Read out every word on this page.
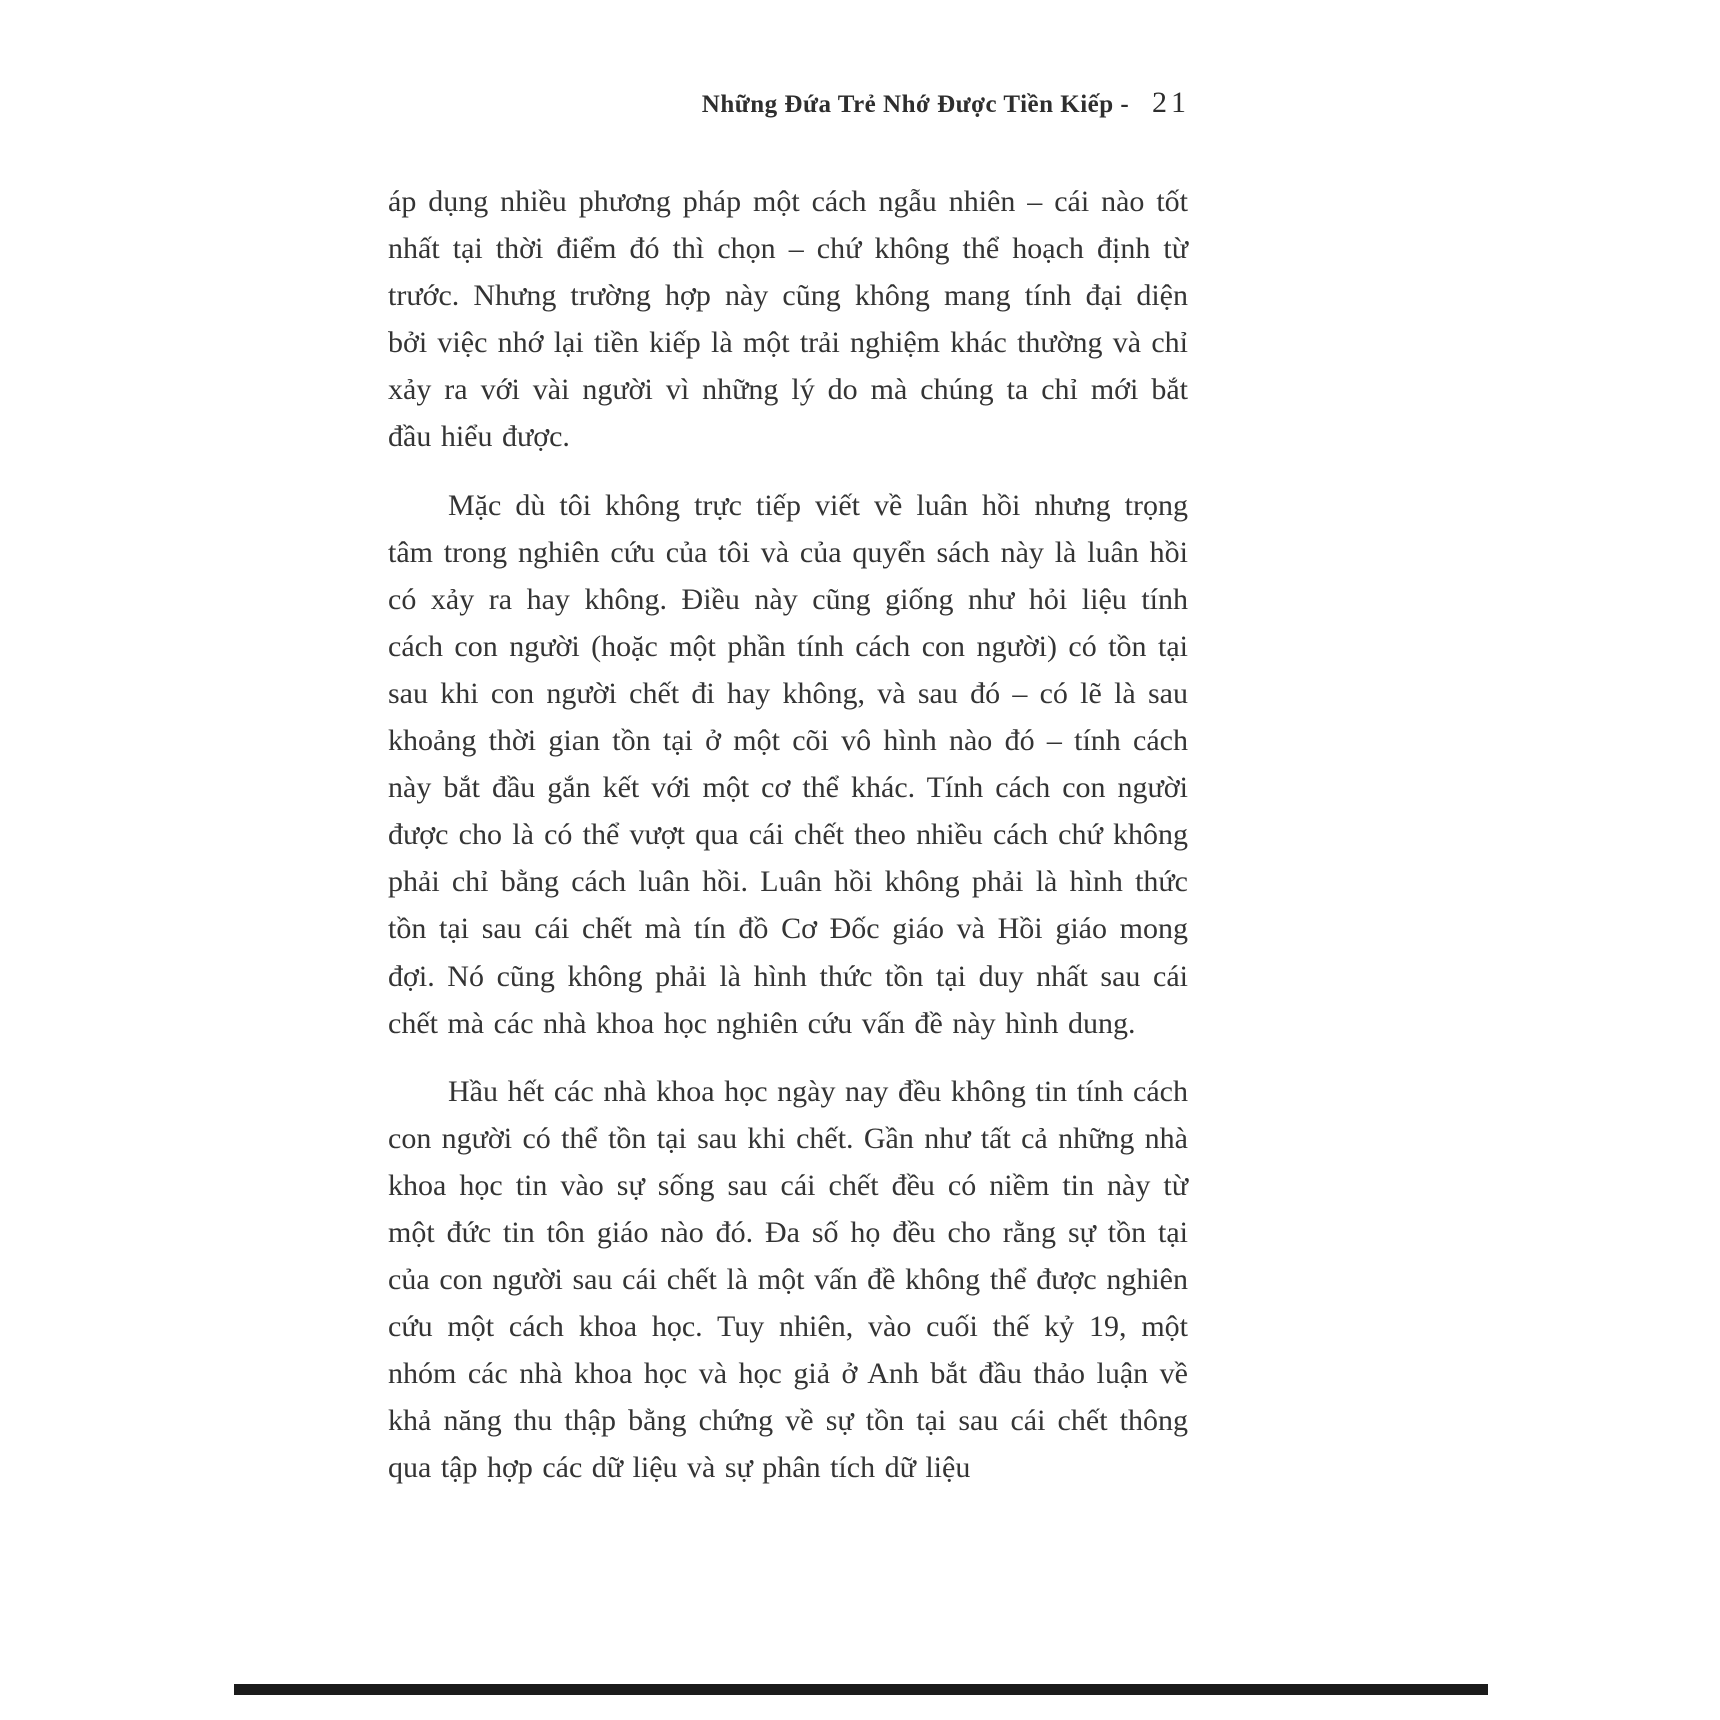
Những Đứa Trẻ Nhớ Được Tiền Kiếp - 21

áp dụng nhiều phương pháp một cách ngẫu nhiên – cái nào tốt nhất tại thời điểm đó thì chọn – chứ không thể hoạch định từ trước. Nhưng trường hợp này cũng không mang tính đại diện bởi việc nhớ lại tiền kiếp là một trải nghiệm khác thường và chỉ xảy ra với vài người vì những lý do mà chúng ta chỉ mới bắt đầu hiểu được.

Mặc dù tôi không trực tiếp viết về luân hồi nhưng trọng tâm trong nghiên cứu của tôi và của quyển sách này là luân hồi có xảy ra hay không. Điều này cũng giống như hỏi liệu tính cách con người (hoặc một phần tính cách con người) có tồn tại sau khi con người chết đi hay không, và sau đó – có lẽ là sau khoảng thời gian tồn tại ở một cõi vô hình nào đó – tính cách này bắt đầu gắn kết với một cơ thể khác. Tính cách con người được cho là có thể vượt qua cái chết theo nhiều cách chứ không phải chỉ bằng cách luân hồi. Luân hồi không phải là hình thức tồn tại sau cái chết mà tín đồ Cơ Đốc giáo và Hồi giáo mong đợi. Nó cũng không phải là hình thức tồn tại duy nhất sau cái chết mà các nhà khoa học nghiên cứu vấn đề này hình dung.

Hầu hết các nhà khoa học ngày nay đều không tin tính cách con người có thể tồn tại sau khi chết. Gần như tất cả những nhà khoa học tin vào sự sống sau cái chết đều có niềm tin này từ một đức tin tôn giáo nào đó. Đa số họ đều cho rằng sự tồn tại của con người sau cái chết là một vấn đề không thể được nghiên cứu một cách khoa học. Tuy nhiên, vào cuối thế kỷ 19, một nhóm các nhà khoa học và học giả ở Anh bắt đầu thảo luận về khả năng thu thập bằng chứng về sự tồn tại sau cái chết thông qua tập hợp các dữ liệu và sự phân tích dữ liệu
